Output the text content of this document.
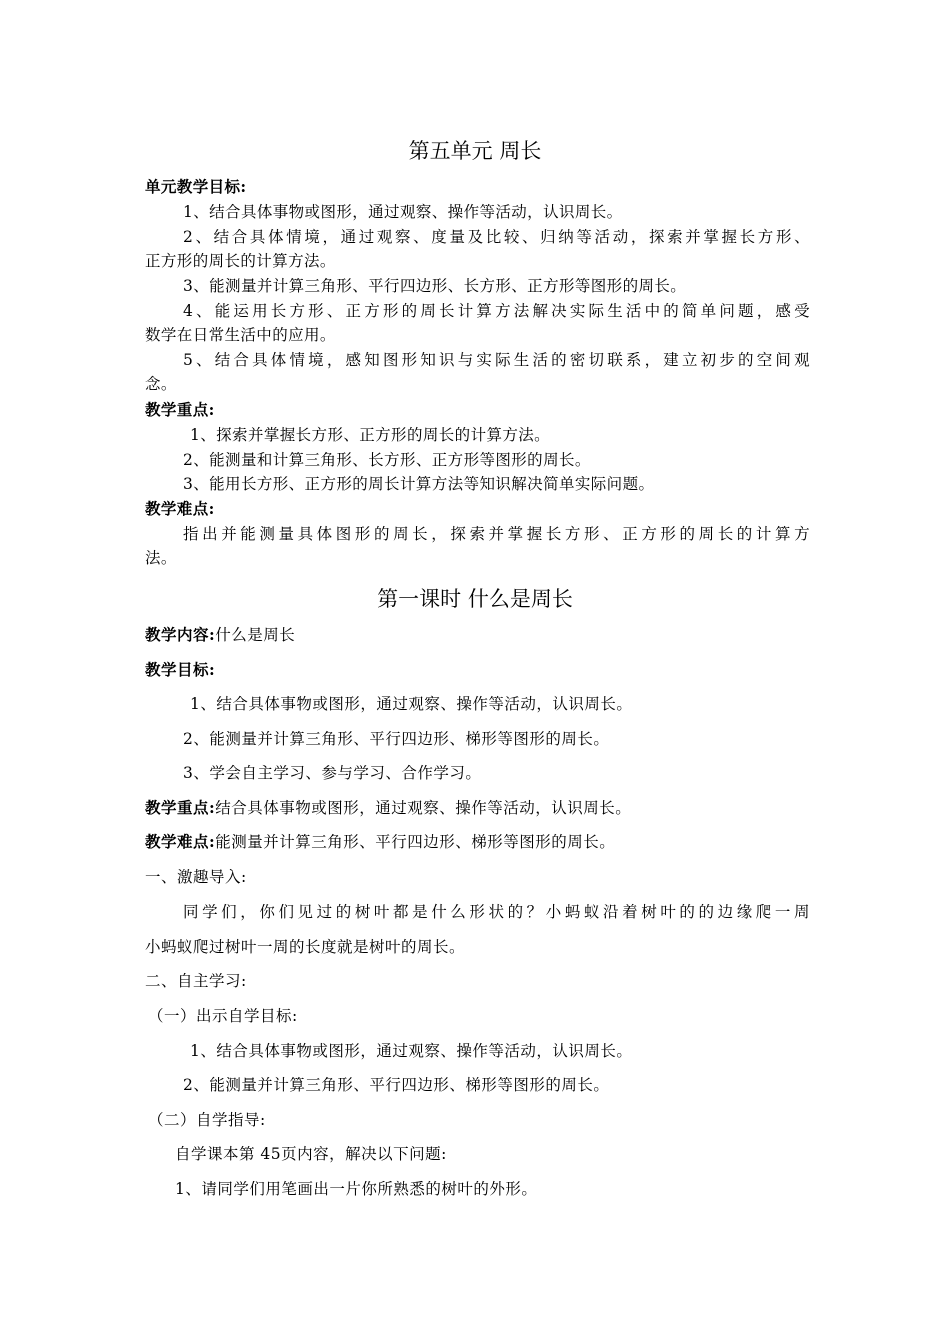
第五单元 周长
单元教学目标:
1、结合具体事物或图形，通过观察、操作等活动，认识周长。
2、结合具体情境，通过观察、度量及比较、归纳等活动，探索并掌握长方形、
正方形的周长的计算方法。
3、能测量并计算三角形、平行四边形、长方形、正方形等图形的周长。
4、能运用长方形、正方形的周长计算方法解决实际生活中的简单问题，感受
数学在日常生活中的应用。
5、结合具体情境，感知图形知识与实际生活的密切联系，建立初步的空间观
念。
教学重点:
1、探索并掌握长方形、正方形的周长的计算方法。
2、能测量和计算三角形、长方形、正方形等图形的周长。
3、能用长方形、正方形的周长计算方法等知识解决简单实际问题。
教学难点:
指出并能测量具体图形的周长，探索并掌握长方形、正方形的周长的计算方
法。
第一课时 什么是周长
教学内容:什么是周长
教学目标:
1、结合具体事物或图形，通过观察、操作等活动，认识周长。
2、能测量并计算三角形、平行四边形、梯形等图形的周长。
3、学会自主学习、参与学习、合作学习。
教学重点:结合具体事物或图形，通过观察、操作等活动，认识周长。
教学难点:能测量并计算三角形、平行四边形、梯形等图形的周长。
一、激趣导入:
同学们，你们见过的树叶都是什么形状的？小蚂蚁沿着树叶的的边缘爬一周
小蚂蚁爬过树叶一周的长度就是树叶的周长。
二、自主学习:
（一）出示自学目标:
1、结合具体事物或图形，通过观察、操作等活动，认识周长。
2、能测量并计算三角形、平行四边形、梯形等图形的周长。
（二）自学指导:
自学课本第 45页内容，解决以下问题:
1、请同学们用笔画出一片你所熟悉的树叶的外形。
